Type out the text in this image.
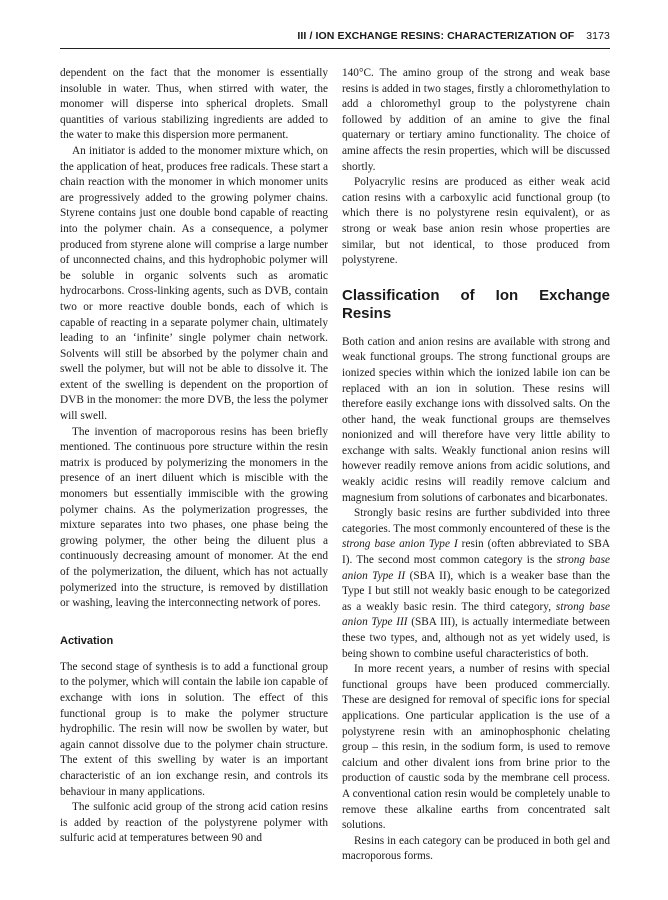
III / ION EXCHANGE RESINS: CHARACTERIZATION OF 3173

dependent on the fact that the monomer is essentially insoluble in water. Thus, when stirred with water, the monomer will disperse into spherical droplets. Small quantities of various stabilizing ingredients are added to the water to make this dispersion more permanent.

An initiator is added to the monomer mixture which, on the application of heat, produces free radicals. These start a chain reaction with the monomer in which monomer units are progressively added to the growing polymer chains. Styrene contains just one double bond capable of reacting into the polymer chain. As a consequence, a polymer produced from styrene alone will comprise a large number of unconnected chains, and this hydrophobic polymer will be soluble in organic solvents such as aromatic hydrocarbons. Cross-linking agents, such as DVB, contain two or more reactive double bonds, each of which is capable of reacting in a separate polymer chain, ultimately leading to an ‘infinite’ single polymer chain network. Solvents will still be absorbed by the polymer chain and swell the polymer, but will not be able to dissolve it. The extent of the swelling is dependent on the proportion of DVB in the monomer: the more DVB, the less the polymer will swell.

The invention of macroporous resins has been briefly mentioned. The continuous pore structure within the resin matrix is produced by polymerizing the monomers in the presence of an inert diluent which is miscible with the monomers but essentially immiscible with the growing polymer chains. As the polymerization progresses, the mixture separates into two phases, one phase being the growing polymer, the other being the diluent plus a continuously decreasing amount of monomer. At the end of the polymerization, the diluent, which has not actually polymerized into the structure, is removed by distillation or washing, leaving the interconnecting network of pores.

Activation

The second stage of synthesis is to add a functional group to the polymer, which will contain the labile ion capable of exchange with ions in solution. The effect of this functional group is to make the polymer structure hydrophilic. The resin will now be swollen by water, but again cannot dissolve due to the polymer chain structure. The extent of this swelling by water is an important characteristic of an ion exchange resin, and controls its behaviour in many applications.

The sulfonic acid group of the strong acid cation resins is added by reaction of the polystyrene polymer with sulfuric acid at temperatures between 90 and

140°C. The amino group of the strong and weak base resins is added in two stages, firstly a chloromethylation to add a chloromethyl group to the polystyrene chain followed by addition of an amine to give the final quaternary or tertiary amino functionality. The choice of amine affects the resin properties, which will be discussed shortly.

Polyacrylic resins are produced as either weak acid cation resins with a carboxylic acid functional group (to which there is no polystyrene resin equivalent), or as strong or weak base anion resin whose properties are similar, but not identical, to those produced from polystyrene.

Classification of Ion Exchange Resins

Both cation and anion resins are available with strong and weak functional groups. The strong functional groups are ionized species within which the ionized labile ion can be replaced with an ion in solution. These resins will therefore easily exchange ions with dissolved salts. On the other hand, the weak functional groups are themselves nonionized and will therefore have very little ability to exchange with salts. Weakly functional anion resins will however readily remove anions from acidic solutions, and weakly acidic resins will readily remove calcium and magnesium from solutions of carbonates and bicarbonates.

Strongly basic resins are further subdivided into three categories. The most commonly encountered of these is the strong base anion Type I resin (often abbreviated to SBA I). The second most common category is the strong base anion Type II (SBA II), which is a weaker base than the Type I but still not weakly basic enough to be categorized as a weakly basic resin. The third category, strong base anion Type III (SBA III), is actually intermediate between these two types, and, although not as yet widely used, is being shown to combine useful characteristics of both.

In more recent years, a number of resins with special functional groups have been produced commercially. These are designed for removal of specific ions for special applications. One particular application is the use of a polystyrene resin with an aminophosphonic chelating group – this resin, in the sodium form, is used to remove calcium and other divalent ions from brine prior to the production of caustic soda by the membrane cell process. A conventional cation resin would be completely unable to remove these alkaline earths from concentrated salt solutions.

Resins in each category can be produced in both gel and macroporous forms.
